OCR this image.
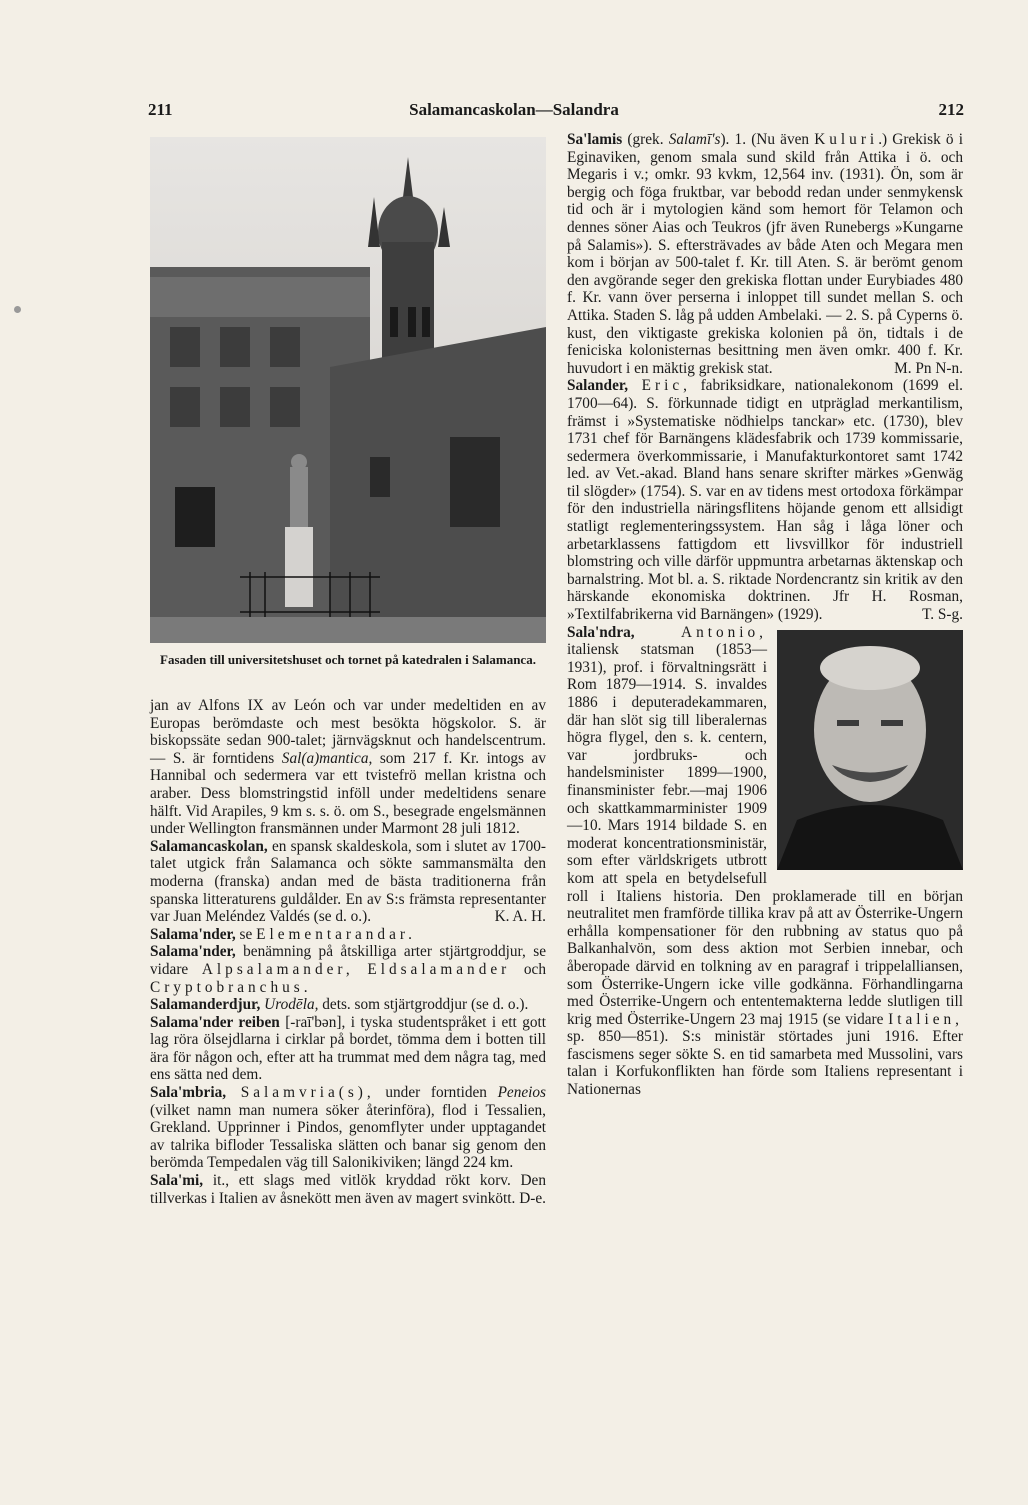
211	Salamancaskolan—Salandra	212
Fasaden till universitetshuset och tornet på katedralen i Salamanca.

jan av Alfons IX av León och var under medeltiden en av Europas berömdaste och mest besökta högskolor. S. är biskopssäte sedan 900-talet; järnvägsknut och handelscentrum. — S. är forntidens Sal(a)mantica, som 217 f. Kr. intogs av Hannibal och sedermera var ett tvistefrö mellan kristna och araber. Dess blomstringstid inföll under medeltidens senare hälft. Vid Arapiles, 9 km s. s. ö. om S., besegrade engelsmännen under Wellington fransmännen under Marmont 28 juli 1812.

Salamancaskolan, en spansk skaldeskola, som i slutet av 1700-talet utgick från Salamanca och sökte sammansmälta den moderna (franska) andan med de bästa traditionerna från spanska litteraturens guldålder. En av S:s främsta representanter var Juan Meléndez Valdés (se d. o.).	K. A. H.

Salama'nder, se Elementarandar.

Salama'nder, benämning på åtskilliga arter stjärtgroddjur, se vidare Alpsalamander, Eldsalamander och Cryptobranchus.

Salamanderdjur, Urodēla, dets. som stjärtgroddjur (se d. o.).

Salama'nder reiben [-raī'bən], i tyska studentspråket i ett gott lag röra ölsejdlarna i cirklar på bordet, tömma dem i botten till ära för någon och, efter att ha trummat med dem några tag, med ens sätta ned dem.

Sala'mbria, Salamvria(s), under forntiden Peneios (vilket namn man numera söker återinföra), flod i Tessalien, Grekland. Upprinner i Pindos, genomflyter under upptagandet av talrika bifloder Tessaliska slätten och banar sig genom den berömda Tempedalen väg till Salonikiviken; längd 224 km.

Sala'mi, it., ett slags med vitlök kryddad rökt korv. Den tillverkas i Italien av åsnekött men även av magert svinkött. D-e.

Sa'lamis (grek. Salamī's). 1. (Nu även Kuluri.) Grekisk ö i Eginaviken, genom smala sund skild från Attika i ö. och Megaris i v.; omkr. 93 kvkm, 12,564 inv. (1931). Ön, som är bergig och föga fruktbar, var bebodd redan under senmykensk tid och är i mytologien känd som hemort för Telamon och dennes söner Aias och Teukros (jfr även Runebergs »Kungarne på Salamis»). S. eftersträvades av både Aten och Megara men kom i början av 500-talet f. Kr. till Aten. S. är berömt genom den avgörande seger den grekiska flottan under Eurybiades 480 f. Kr. vann över perserna i inloppet till sundet mellan S. och Attika. Staden S. låg på udden Ambelaki. — 2. S. på Cyperns ö. kust, den viktigaste grekiska kolonien på ön, tidtals i de feniciska kolonisternas besittning men även omkr. 400 f. Kr. huvudort i en mäktig grekisk stat.	M. Pn N-n.

Salander, Eric, fabriksidkare, nationalekonom (1699 el. 1700—64). S. förkunnade tidigt en utpräglad merkantilism, främst i »Systematiske nödhielps tanckar» etc. (1730), blev 1731 chef för Barnängens klädesfabrik och 1739 kommissarie, sedermera överkommissarie, i Manufakturkontoret samt 1742 led. av Vet.-akad. Bland hans senare skrifter märkes »Genwäg til slögder» (1754). S. var en av tidens mest ortodoxa förkämpar för den industriella näringsflitens höjande genom ett allsidigt statligt reglementeringssystem. Han såg i låga löner och arbetarklassens fattigdom ett livsvillkor för industriell blomstring och ville därför uppmuntra arbetarnas äktenskap och barnalstring. Mot bl. a. S. riktade Nordencrantz sin kritik av den härskande ekonomiska doktrinen. Jfr H. Rosman, »Textilfabrikerna vid Barnängen» (1929).	T. S-g.

Sala'ndra, Antonio,
italiensk statsman (1853—1931), prof. i förvaltningsrätt i Rom 1879—1914. S. invaldes 1886 i deputeradekammaren, där han slöt sig till liberalernas högra flygel, den s. k. centern, var jordbruks- och handelsminister 1899—1900, finansminister febr.—maj 1906 och skattkammarminister 1909—10. Mars 1914 bildade S. en moderat koncentrationsministär, som efter världskrigets utbrott kom att spela en betydelsefull roll i Italiens historia. Den proklamerade till en början neutralitet men framförde tillika krav på att av Österrike-Ungern erhålla kompensationer för den rubbning av status quo på Balkanhalvön, som dess aktion mot Serbien innebar, och åberopade därvid en tolkning av en paragraf i trippelalliansen, som Österrike-Ungern icke ville godkänna. Förhandlingarna med Österrike-Ungern och ententemakterna ledde slutligen till krig med Österrike-Ungern 23 maj 1915 (se vidare Italien, sp. 850—851). S:s ministär störtades juni 1916. Efter fascismens seger sökte S. en tid samarbeta med Mussolini, vars talan i Korfukonflikten han förde som Italiens representant i Nationernas
